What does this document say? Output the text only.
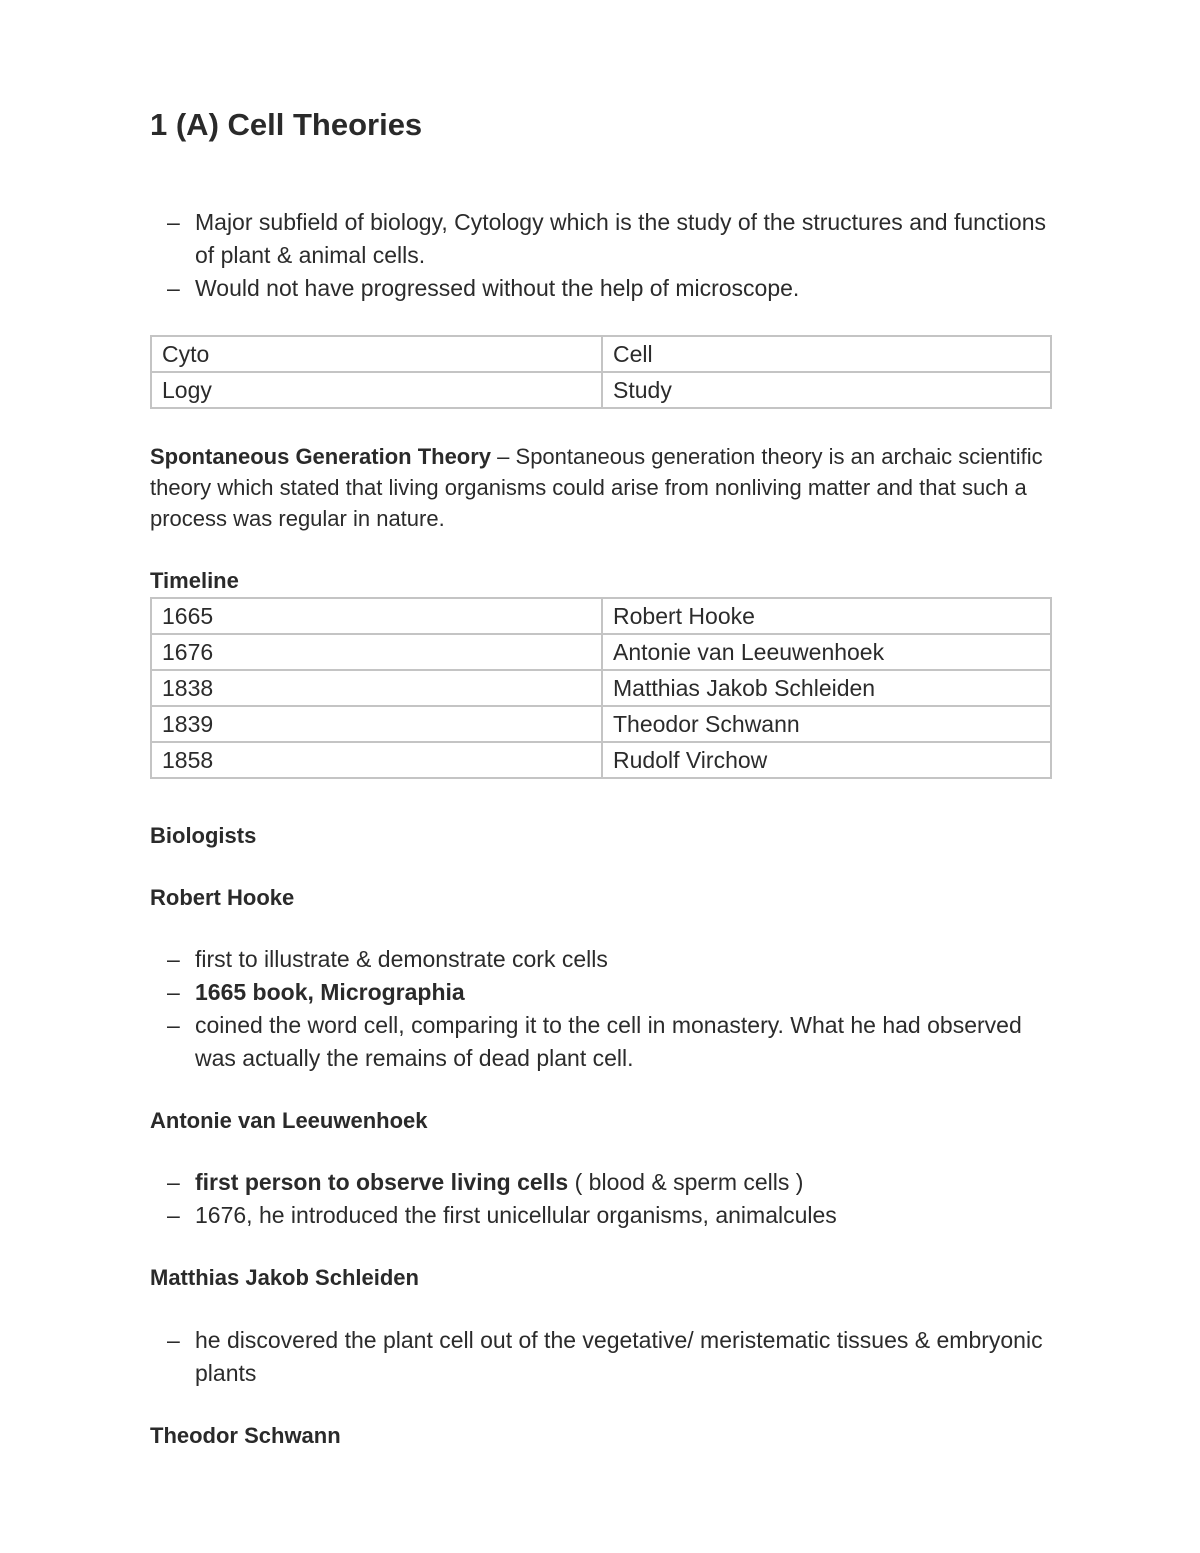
1 (A) Cell Theories
– Major subfield of biology, Cytology which is the study of the structures and functions of plant & animal cells.
– Would not have progressed without the help of microscope.
Cyto	Cell
Logy	Study

Spontaneous Generation Theory – Spontaneous generation theory is an archaic scientific theory which stated that living organisms could arise from nonliving matter and that such a process was regular in nature.

Timeline
1665	Robert Hooke
1676	Antonie van Leeuwenhoek
1838	Matthias Jakob Schleiden
1839	Theodor Schwann
1858	Rudolf Virchow
Biologists
Robert Hooke
– first to illustrate & demonstrate cork cells
– 1665 book, Micrographia
– coined the word cell, comparing it to the cell in monastery. What he had observed was actually the remains of dead plant cell.
Antonie van Leeuwenhoek
– first person to observe living cells ( blood & sperm cells )
– 1676, he introduced the first unicellular organisms, animalcules
Matthias Jakob Schleiden
– he discovered the plant cell out of the vegetative/ meristematic tissues & embryonic plants
Theodor Schwann
